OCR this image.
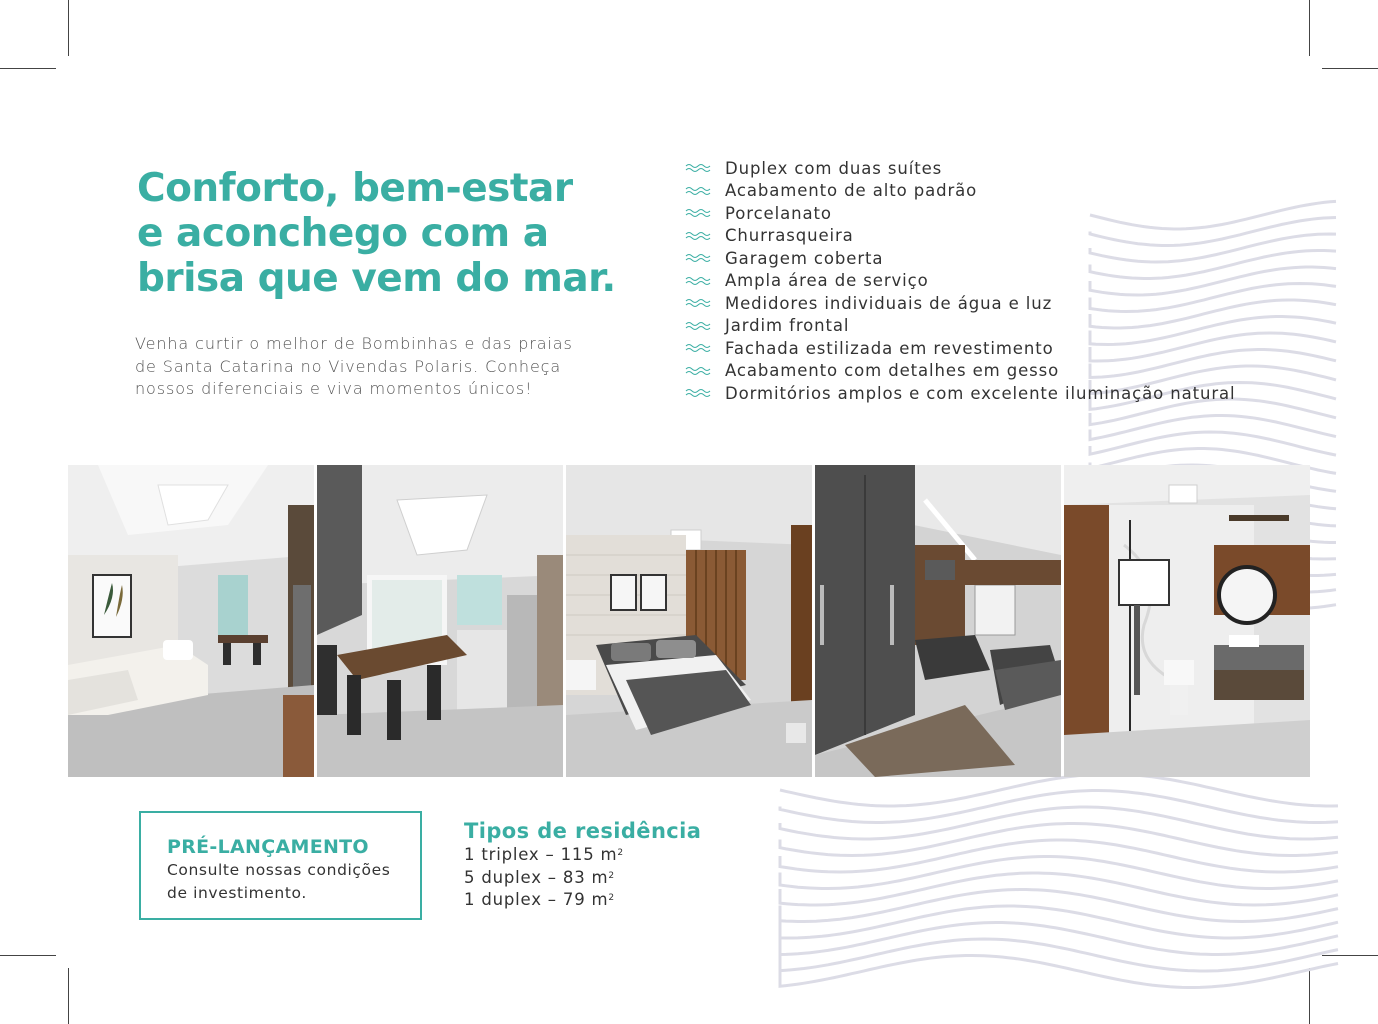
Conforto, bem-estar
e aconchego com a
brisa que vem do mar.

Venha curtir o melhor de Bombinhas e das praias
de Santa Catarina no Vivendas Polaris. Conheça
nossos diferenciais e viva momentos únicos!

Duplex com duas suítes
Acabamento de alto padrão
Porcelanato
Churrasqueira
Garagem coberta
Ampla área de serviço
Medidores individuais de água e luz
Jardim frontal
Fachada estilizada em revestimento
Acabamento com detalhes em gesso
Dormitórios amplos e com excelente iluminação natural
PRÉ-LANÇAMENTO
Consulte nossas condições
de investimento.
Tipos de residência
1 triplex – 115 $m^2$
5 duplex – 83 $m^2$
1 duplex – 79 $m^2$
